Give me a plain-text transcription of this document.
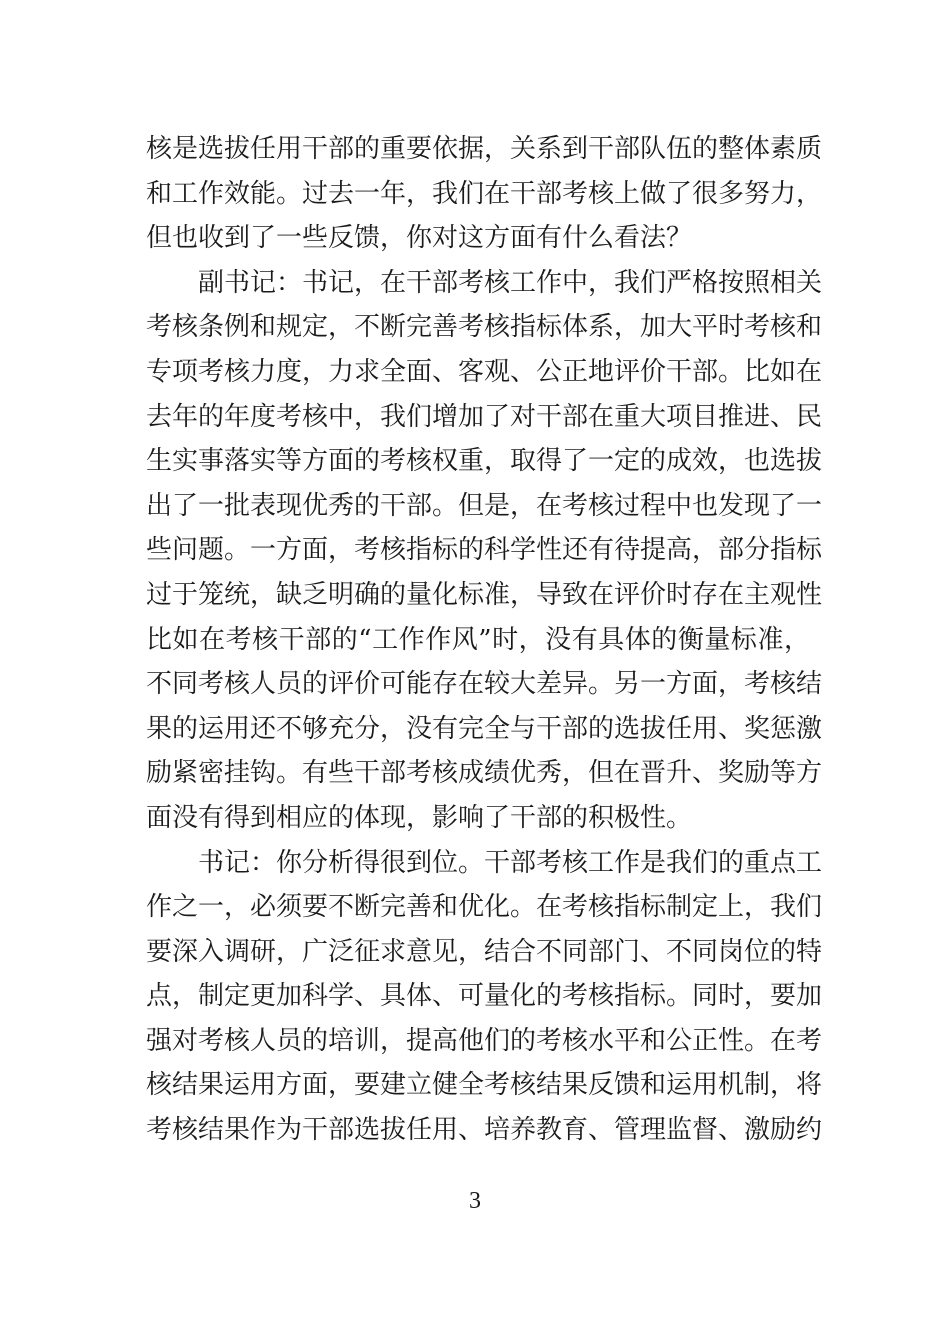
核是选拔任用干部的重要依据，关系到干部队伍的整体素质
和工作效能。过去一年，我们在干部考核上做了很多努力，
但也收到了一些反馈，你对这方面有什么看法？
副书记：书记，在干部考核工作中，我们严格按照相关
考核条例和规定，不断完善考核指标体系，加大平时考核和
专项考核力度，力求全面、客观、公正地评价干部。比如在
去年的年度考核中，我们增加了对干部在重大项目推进、民
生实事落实等方面的考核权重，取得了一定的成效，也选拔
出了一批表现优秀的干部。但是，在考核过程中也发现了一
些问题。一方面，考核指标的科学性还有待提高，部分指标
过于笼统，缺乏明确的量化标准，导致在评价时存在主观性
比如在考核干部的“工作作风”时，没有具体的衡量标准，
不同考核人员的评价可能存在较大差异。另一方面，考核结
果的运用还不够充分，没有完全与干部的选拔任用、奖惩激
励紧密挂钩。有些干部考核成绩优秀，但在晋升、奖励等方
面没有得到相应的体现，影响了干部的积极性。
书记：你分析得很到位。干部考核工作是我们的重点工
作之一，必须要不断完善和优化。在考核指标制定上，我们
要深入调研，广泛征求意见，结合不同部门、不同岗位的特
点，制定更加科学、具体、可量化的考核指标。同时，要加
强对考核人员的培训，提高他们的考核水平和公正性。在考
核结果运用方面，要建立健全考核结果反馈和运用机制，将
考核结果作为干部选拔任用、培养教育、管理监督、激励约
3
